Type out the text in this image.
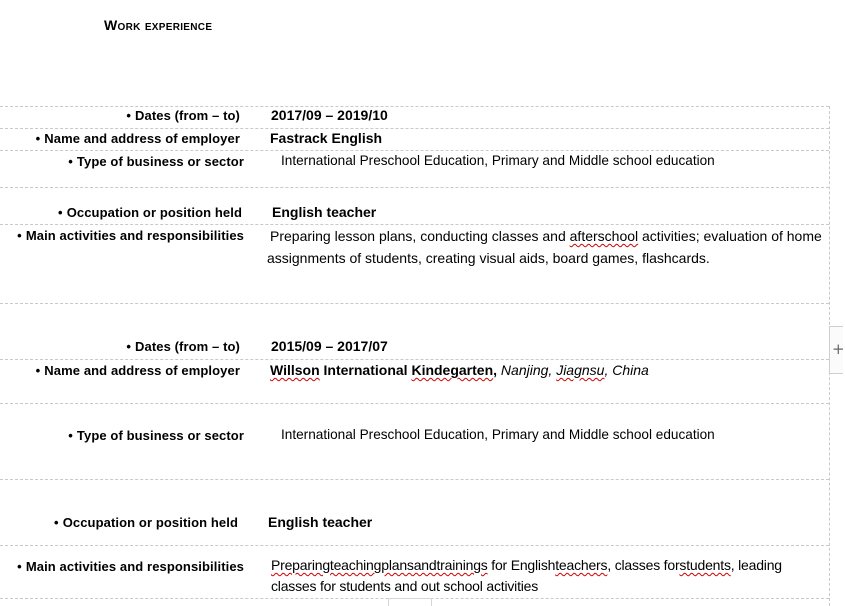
Work experience
• Dates (from – to) 2017/09 – 2019/10
• Name and address of employer Fastrack English
• Type of business or sector	International Preschool Education, Primary and Middle school education
• Occupation or position held English teacher
• Main activities and responsibilities Preparing lesson plans, conducting classes and afterschool activities; evaluation of home assignments of students, creating visual aids, board games, flashcards.
• Dates (from – to) 2015/09 – 2017/07
• Name and address of employer Willson International Kindegarten, Nanjing, Jiagnsu, China
• Type of business or sector	International Preschool Education, Primary and Middle school education
• Occupation or position held English teacher
• Main activities and responsibilities Preparingteachingplansandtrainings for Englishteachers, classes forstudents, leading classes for students and out school activities
+
